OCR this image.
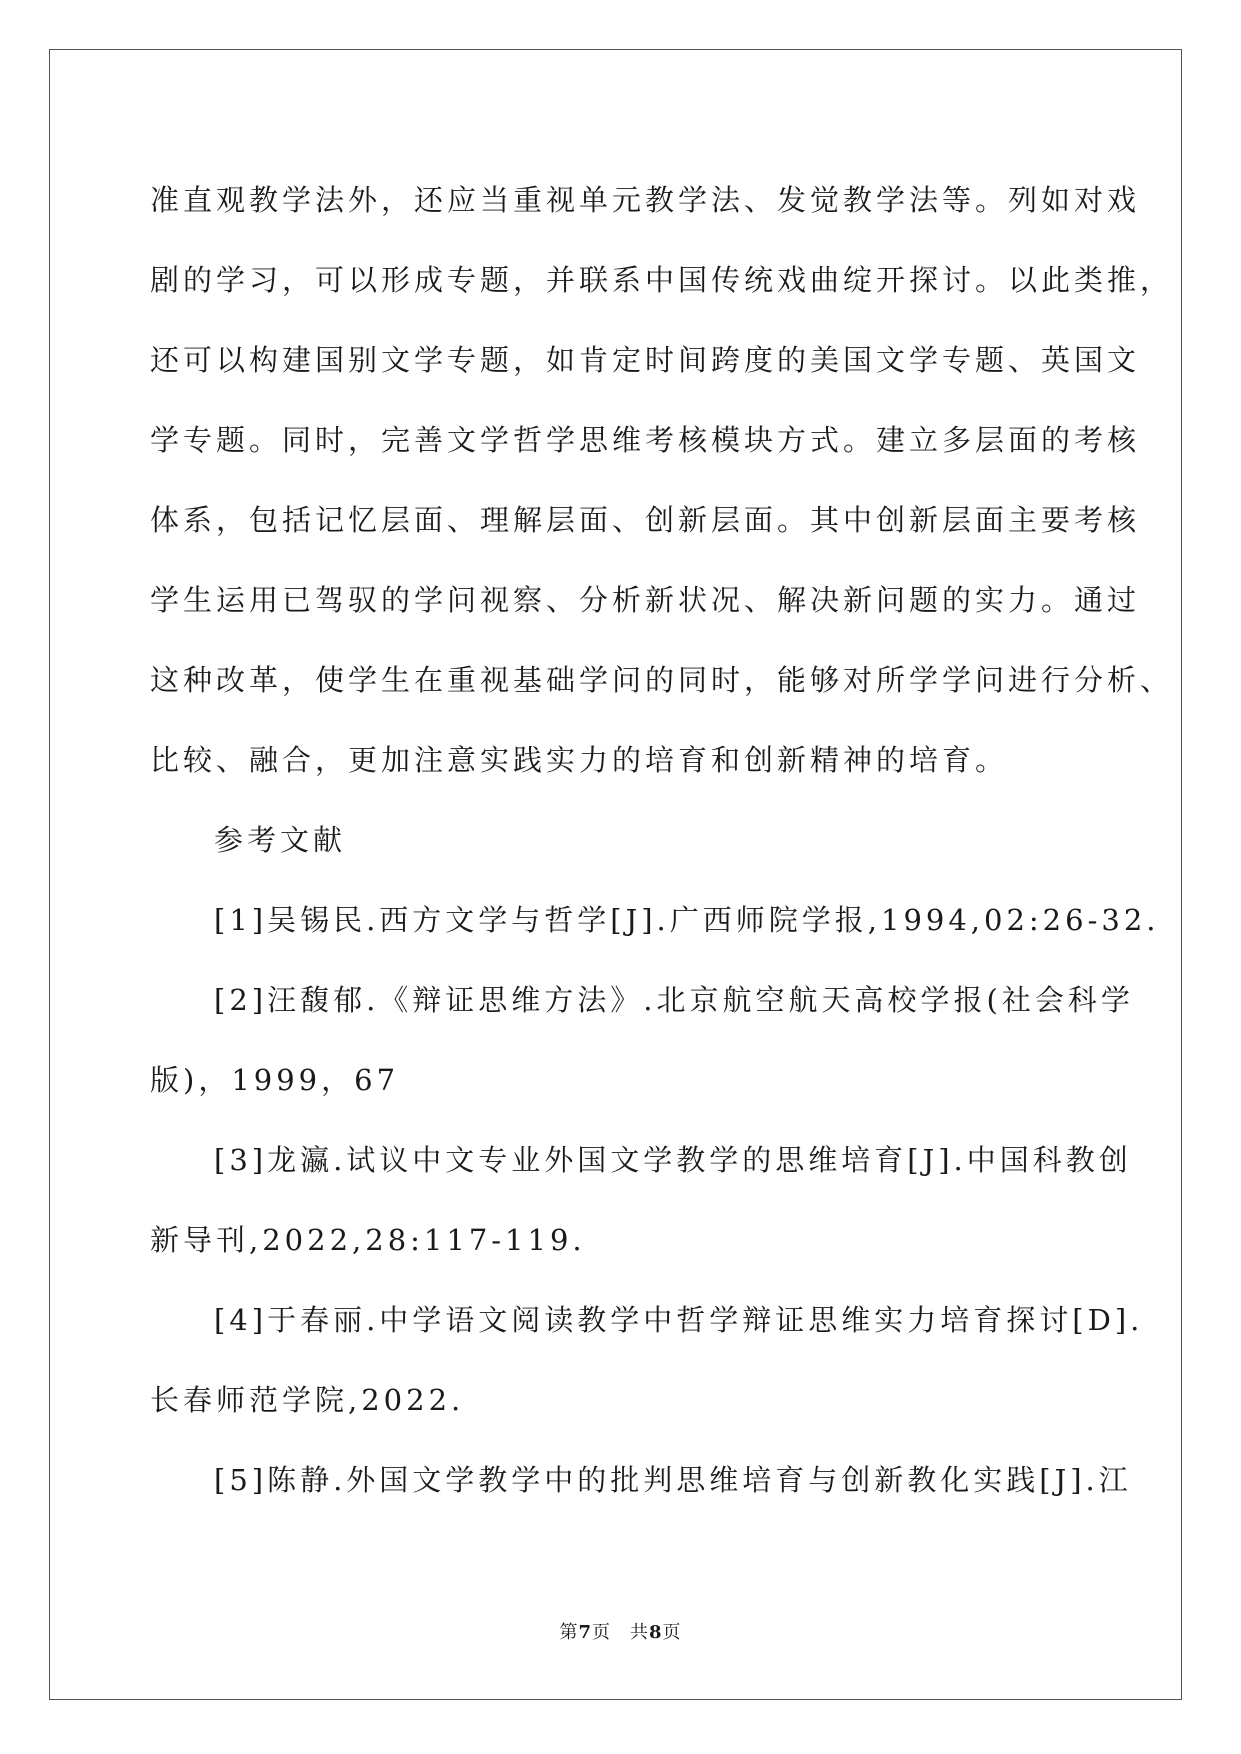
准直观教学法外，还应当重视单元教学法、发觉教学法等。列如对戏
剧的学习，可以形成专题，并联系中国传统戏曲绽开探讨。以此类推，
还可以构建国别文学专题，如肯定时间跨度的美国文学专题、英国文
学专题。同时，完善文学哲学思维考核模块方式。建立多层面的考核
体系，包括记忆层面、理解层面、创新层面。其中创新层面主要考核
学生运用已驾驭的学问视察、分析新状况、解决新问题的实力。通过
这种改革，使学生在重视基础学问的同时，能够对所学学问进行分析、
比较、融合，更加注意实践实力的培育和创新精神的培育。
参考文献
[1]吴锡民.西方文学与哲学[J].广西师院学报,1994,02:26-32.
[2]汪馥郁.《辩证思维方法》.北京航空航天高校学报(社会科学
版)，1999，67
[3]龙瀛.试议中文专业外国文学教学的思维培育[J].中国科教创
新导刊,2022,28:117-119.
[4]于春丽.中学语文阅读教学中哲学辩证思维实力培育探讨[D].
长春师范学院,2022.
[5]陈静.外国文学教学中的批判思维培育与创新教化实践[J].江
第7页　共8页
